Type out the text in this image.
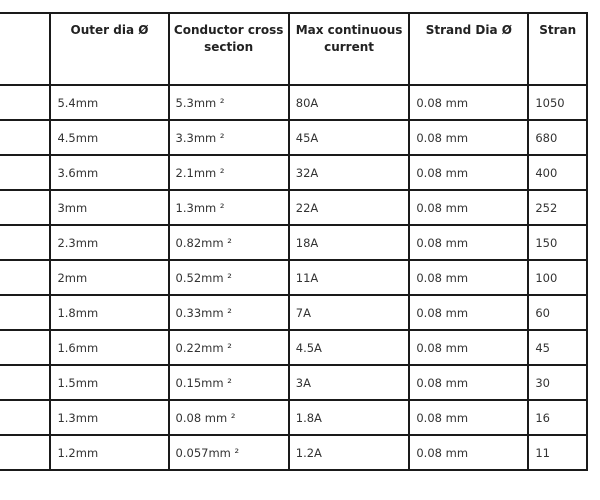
	Outer dia Ø	Conductor cross section	Max continuous current	Strand Dia Ø	Stran
	5.4mm	5.3mm ²	80A	0.08 mm	1050
	4.5mm	3.3mm ²	45A	0.08 mm	680
	3.6mm	2.1mm ²	32A	0.08 mm	400
	3mm	1.3mm ²	22A	0.08 mm	252
	2.3mm	0.82mm ²	18A	0.08 mm	150
	2mm	0.52mm ²	11A	0.08 mm	100
	1.8mm	0.33mm ²	7A	0.08 mm	60
	1.6mm	0.22mm ²	4.5A	0.08 mm	45
	1.5mm	0.15mm ²	3A	0.08 mm	30
	1.3mm	0.08 mm ²	1.8A	0.08 mm	16
	1.2mm	0.057mm ²	1.2A	0.08 mm	11
